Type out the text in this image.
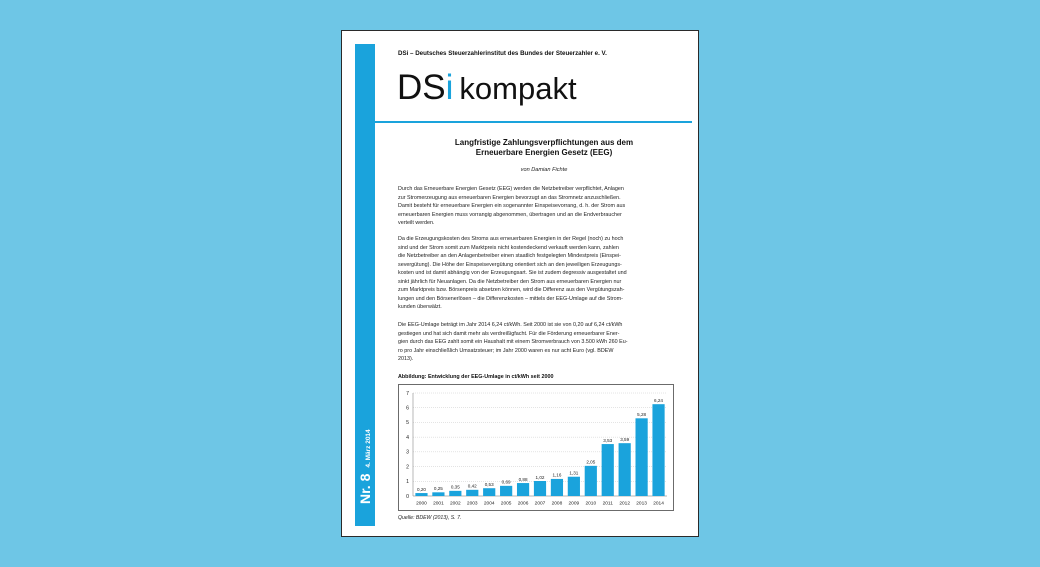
Nr. 8
4. März 2014
DSi – Deutsches Steuerzahlerinstitut des Bundes der Steuerzahler e. V.
DSi kompakt
Langfristige Zahlungsverpflichtungen aus dem
Erneuerbare Energien Gesetz (EEG)
von Damian Fichte
Durch das Erneuerbare Energien Gesetz (EEG) werden die Netzbetreiber verpflichtet, Anlagen
zur Stromerzeugung aus erneuerbaren Energien bevorzugt an das Stromnetz anzuschließen.
Damit besteht für erneuerbare Energien ein sogenannter Einspeisevorrang, d. h. der Strom aus
erneuerbaren Energien muss vorrangig abgenommen, übertragen und an die Endverbraucher
verteilt werden.
Da die Erzeugungskosten des Stroms aus erneuerbaren Energien in der Regel (noch) zu hoch
sind und der Strom somit zum Marktpreis nicht kostendeckend verkauft werden kann, zahlen
die Netzbetreiber an den Anlagenbetreiber einen staatlich festgelegten Mindestpreis (Einspei-
severgütung). Die Höhe der Einspeisevergütung orientiert sich an den jeweiligen Erzeugungs-
kosten und ist damit abhängig von der Erzeugungsart. Sie ist zudem degressiv ausgestaltet und
sinkt jährlich für Neuanlagen. Da die Netzbetreiber den Strom aus erneuerbaren Energien nur
zum Marktpreis bzw. Börsenpreis absetzen können, wird die Differenz aus den Vergütungszah-
lungen und den Börsenerlösen – die Differenzkosten – mittels der EEG-Umlage auf die Strom-
kunden überwälzt.
Die EEG-Umlage beträgt im Jahr 2014 6,24 ct/kWh. Seit 2000 ist sie von 0,20 auf 6,24 ct/kWh
gestiegen und hat sich damit mehr als verdreißigfacht. Für die Förderung erneuerbarer Ener-
gien durch das EEG zahlt somit ein Haushalt mit einem Stromverbrauch von 3.500 kWh 260 Eu-
ro pro Jahr einschließlich Umsatzsteuer; im Jahr 2000 waren es nur acht Euro (vgl. BDEW
2013).
Abbildung: Entwicklung der EEG-Umlage in ct/kWh seit 2000
0
1
2
3
4
5
6
7
0,20
2000
0,25
2001
0,35
2002
0,42
2003
0,53
2004
0,69
2005
0,88
2006
1,02
2007
1,16
2008
1,31
2009
2,05
2010
3,53
2011
3,59
2012
5,28
2013
6,24
2014
Quelle: BDEW (2013), S. 7.
